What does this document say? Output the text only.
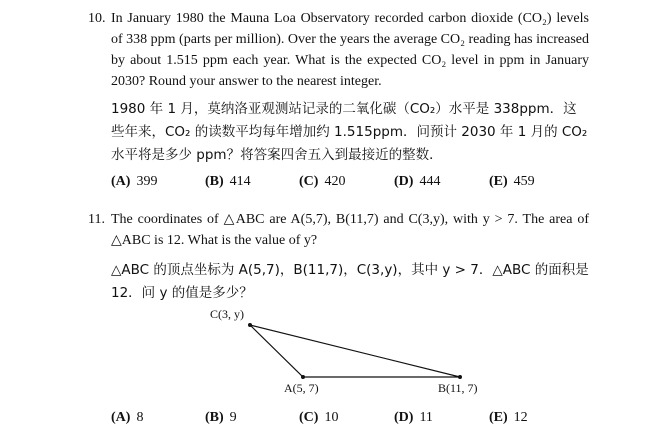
10. In January 1980 the Mauna Loa Observatory recorded carbon dioxide (CO₂) levels of 338 ppm (parts per million). Over the years the average CO₂ reading has increased by about 1.515 ppm each year. What is the expected CO₂ level in ppm in January 2030? Round your answer to the nearest integer.
1980 年 1 月，莫纳洛亚观测站记录的二氧化碳（CO₂）水平是 338ppm．这些年来，CO₂ 的读数平均每年增加约 1.515ppm．问预计 2030 年 1 月的 CO₂ 水平将是多少 ppm？将答案四舍五入到最接近的整数．
(A) 399	(B) 414	(C) 420	(D) 444	(E) 459
11. The coordinates of △ABC are A(5,7), B(11,7) and C(3,y), with y > 7. The area of △ABC is 12. What is the value of y?
△ABC 的顶点坐标为 A(5,7)，B(11,7)，C(3,y)，其中 y > 7．△ABC 的面积是 12．问 y 的值是多少？
C(3, y)
A(5, 7)	B(11, 7)
(A) 8	(B) 9	(C) 10	(D) 11	(E) 12
